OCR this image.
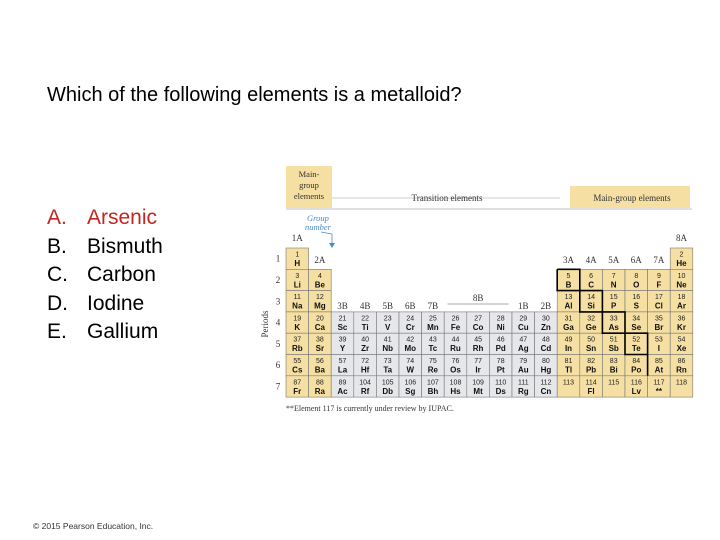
Which of the following elements is a metalloid?
A. Arsenic
B. Bismuth
C. Carbon
D. Iodine
E. Gallium
Main-
group
elements	Transition elements	Main-group elements
Group
number
1A
2A
3B 4B 5B 6B 7B
8B
1B 2B
3A 4A 5A 6A 7A
8A
1
2
3
4
5
6
7
Periods
1
H
2
He
3
Li
4
Be
5
B
6
C
7
N
8
O
9
F
10
Ne
11
Na
12
Mg
13
Al
14
Si
15
P
16
S
17
Cl
18
Ar
19
K
20
Ca
21
Sc
22
Ti
23
V
24
Cr
25
Mn
26
Fe
27
Co
28
Ni
29
Cu
30
Zn
31
Ga
32
Ge
33
As
34
Se
35
Br
36
Kr
37
Rb
38
Sr
39
Y
40
Zr
41
Nb
42
Mo
43
Tc
44
Ru
45
Rh
46
Pd
47
Ag
48
Cd
49
In
50
Sn
51
Sb
52
Te
53
I
54
Xe
55
Cs
56
Ba
57
La
72
Hf
73
Ta
74
W
75
Re
76
Os
77
Ir
78
Pt
79
Au
80
Hg
81
Tl
82
Pb
83
Bi
84
Po
85
At
86
Rn
87
Fr
88
Ra
89
Ac
104
Rf
105
Db
106
Sg
107
Bh
108
Hs
109
Mt
110
Ds
111
Rg
112
Cn
113 114
Fl
115 116
Lv
117
**
118
**Element 117 is currently under review by IUPAC.
© 2015 Pearson Education, Inc.
